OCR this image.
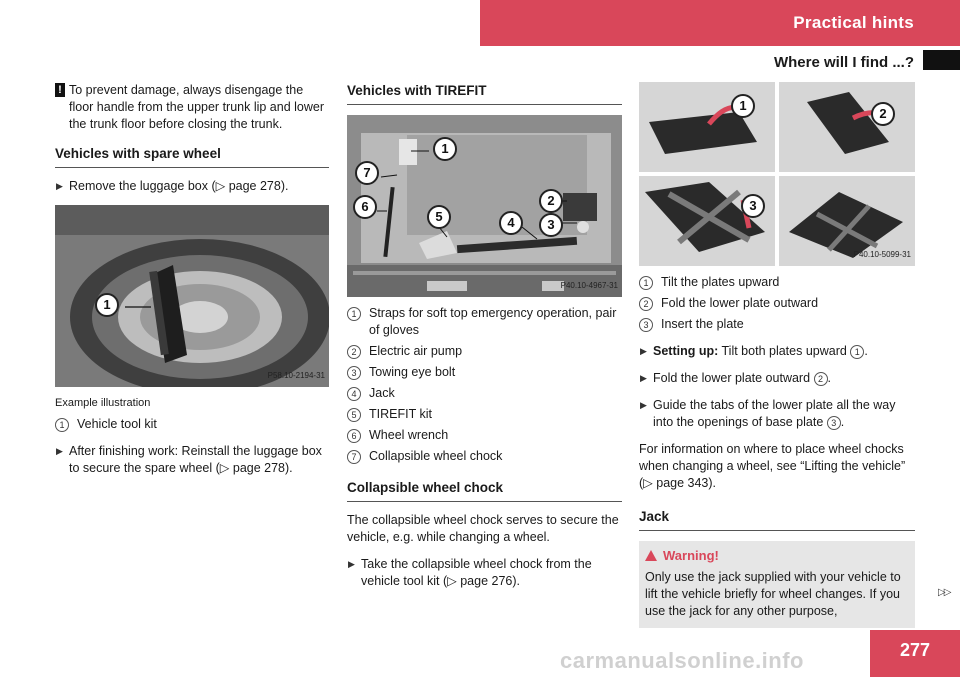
Practical hints
Where will I find ...?
! To prevent damage, always disengage the floor handle from the upper trunk lip and lower the trunk floor before closing the trunk.
Vehicles with spare wheel
▶ Remove the luggage box (▷ page 278).
1
P58.10-2194-31
Example illustration
1	Vehicle tool kit
▶ After finishing work: Reinstall the luggage box to secure the spare wheel (▷ page 278).
Vehicles with TIREFIT
1
7
6
5	4
2
3
P40.10-4967-31
1	Straps for soft top emergency operation, pair of gloves
2	Electric air pump
3	Towing eye bolt
4	Jack
5	TIREFIT kit
6	Wheel wrench
7	Collapsible wheel chock
Collapsible wheel chock
The collapsible wheel chock serves to secure the vehicle, e.g. while changing a wheel.
▶ Take the collapsible wheel chock from the vehicle tool kit (▷ page 276).
1
2
3
P40.10-5099-31
1	Tilt the plates upward
2	Fold the lower plate outward
3	Insert the plate
▶ Setting up: Tilt both plates upward 1 .
▶ Fold the lower plate outward 2 .
▶ Guide the tabs of the lower plate all the way into the openings of base plate 3 .
For information on where to place wheel chocks when changing a wheel, see “Lifting the vehicle” (▷ page 343).
Jack
Warning!
Only use the jack supplied with your vehicle to lift the vehicle briefly for wheel changes. If you use the jack for any other purpose,
▷▷
277
carmanualsonline.info
